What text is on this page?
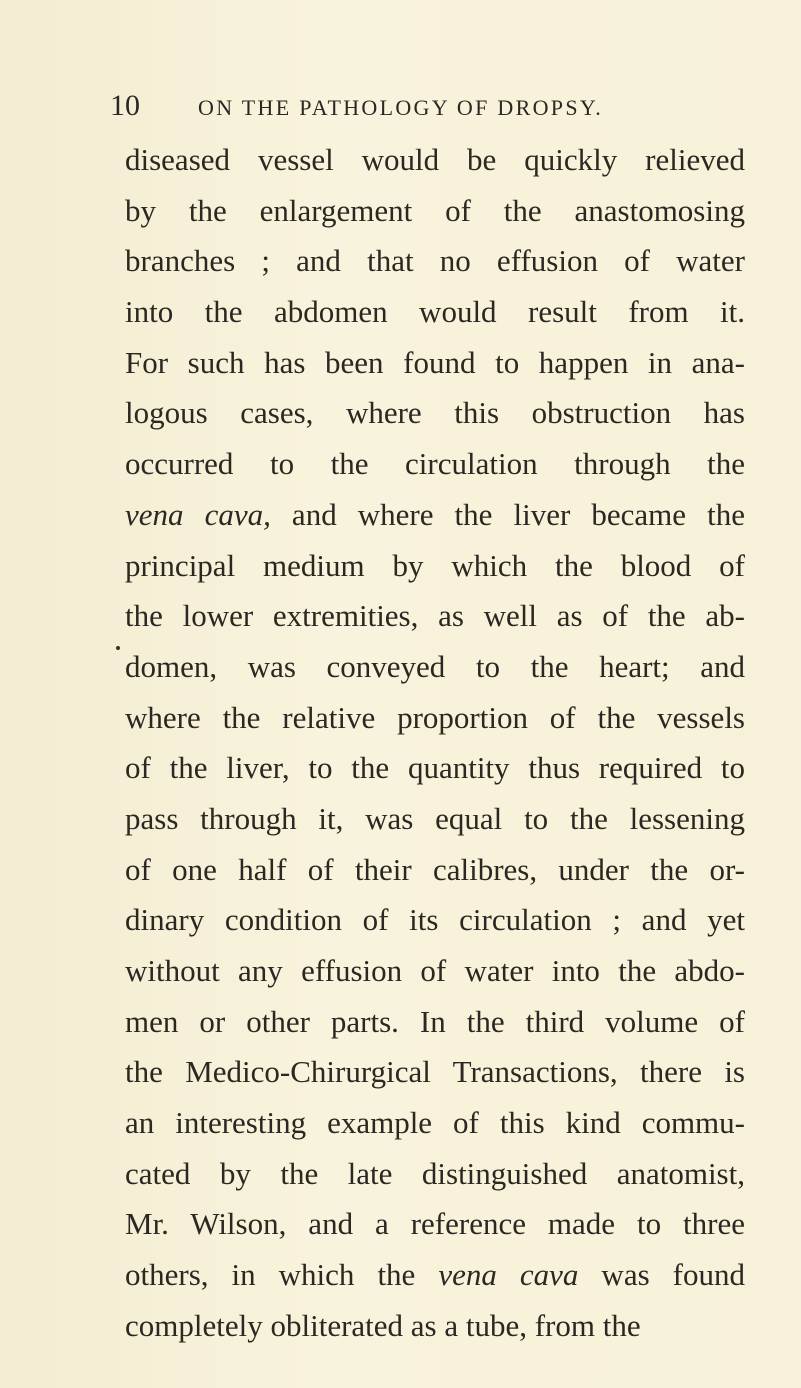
10	ON THE PATHOLOGY OF DROPSY.
diseased vessel would be quickly relieved
by the enlargement of the anastomosing
branches ; and that no effusion of water
into the abdomen would result from it.
For such has been found to happen in ana-
logous cases, where this obstruction has
occurred to the circulation through the
vena cava, and where the liver became the
principal medium by which the blood of
the lower extremities, as well as of the ab-
domen, was conveyed to the heart; and
where the relative proportion of the vessels
of the liver, to the quantity thus required to
pass through it, was equal to the lessening
of one half of their calibres, under the or-
dinary condition of its circulation ; and yet
without any effusion of water into the abdo-
men or other parts. In the third volume of
the Medico-Chirurgical Transactions, there is
an interesting example of this kind commu-
cated by the late distinguished anatomist,
Mr. Wilson, and a reference made to three
others, in which the vena cava was found
completely obliterated as a tube, from the
